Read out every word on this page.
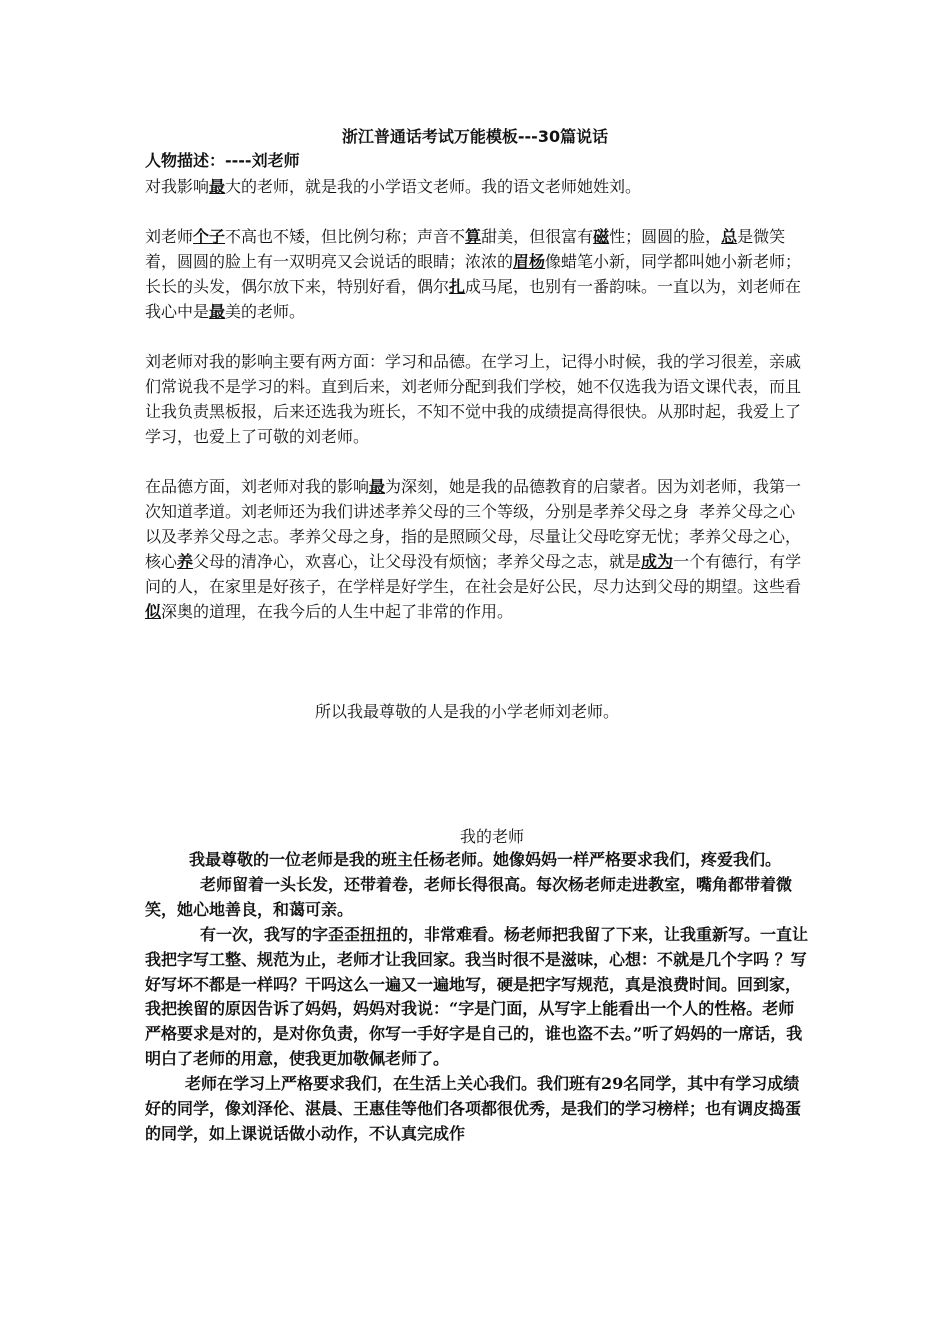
浙江普通话考试万能模板---30篇说话
人物描述：----刘老师

对我影响最大的老师，就是我的小学语文老师。我的语文老师她姓刘。

刘老师个子不高也不矮，但比例匀称；声音不算甜美，但很富有磁性；圆圆的脸，总是微笑着，圆圆的脸上有一双明亮又会说话的眼睛；浓浓的眉杨像蜡笔小新，同学都叫她小新老师；
长长的头发，偶尔放下来，特别好看，偶尔扎成马尾，也别有一番韵味。一直以为，刘老师在我心中是最美的老师。

刘老师对我的影响主要有两方面：学习和品德。在学习上，记得小时候，我的学习很差，亲戚们常说我不是学习的料。直到后来，刘老师分配到我们学校，她不仅选我为语文课代表，而且让我负责黑板报，后来还选我为班长，不知不觉中我的成绩提高得很快。从那时起，我爱上了学习，也爱上了可敬的刘老师。

在品德方面，刘老师对我的影响最为深刻，她是我的品德教育的启蒙者。因为刘老师，我第一次知道孝道。刘老师还为我们讲述孝养父母的三个等级，分别是孝养父母之身  孝养父母之心  以及孝养父母之志。孝养父母之身，指的是照顾父母，尽量让父母吃穿无忧；孝养父母之心，核心养父母的清净心，欢喜心，让父母没有烦恼；孝养父母之志，就是成为一个有德行，有学问的人，在家里是好孩子，在学样是好学生，在社会是好公民，尽力达到父母的期望。这些看似深奥的道理，在我今后的人生中起了非常的作用。

所以我最尊敬的人是我的小学老师刘老师。
我的老师

我最尊敬的一位老师是我的班主任杨老师。她像妈妈一样严格要求我们，疼爱我们。

老师留着一头长发，还带着卷，老师长得很高。每次杨老师走进教室，嘴角都带着微笑，她心地善良，和蔼可亲。

有一次，我写的字歪歪扭扭的，非常难看。杨老师把我留了下来，让我重新写。一直让我把字写工整、规范为止，老师才让我回家。我当时很不是滋味，心想：不就是几个字吗 ？写好写坏不都是一样吗？干吗这么一遍又一遍地写，硬是把字写规范，真是浪费时间。回到家，我把挨留的原因告诉了妈妈，妈妈对我说：“字是门面，从写字上能看出一个人的性格。老师严格要求是对的，是对你负责，你写一手好字是自己的，谁也盗不去。”听了妈妈的一席话，我明白了老师的用意，使我更加敬佩老师了。

老师在学习上严格要求我们，在生活上关心我们。我们班有29名同学，其中有学习成绩好的同学，像刘泽伦、湛晨、王惠佳等他们各项都很优秀，是我们的学习榜样；也有调皮捣蛋的同学，如上课说话做小动作，不认真完成作
